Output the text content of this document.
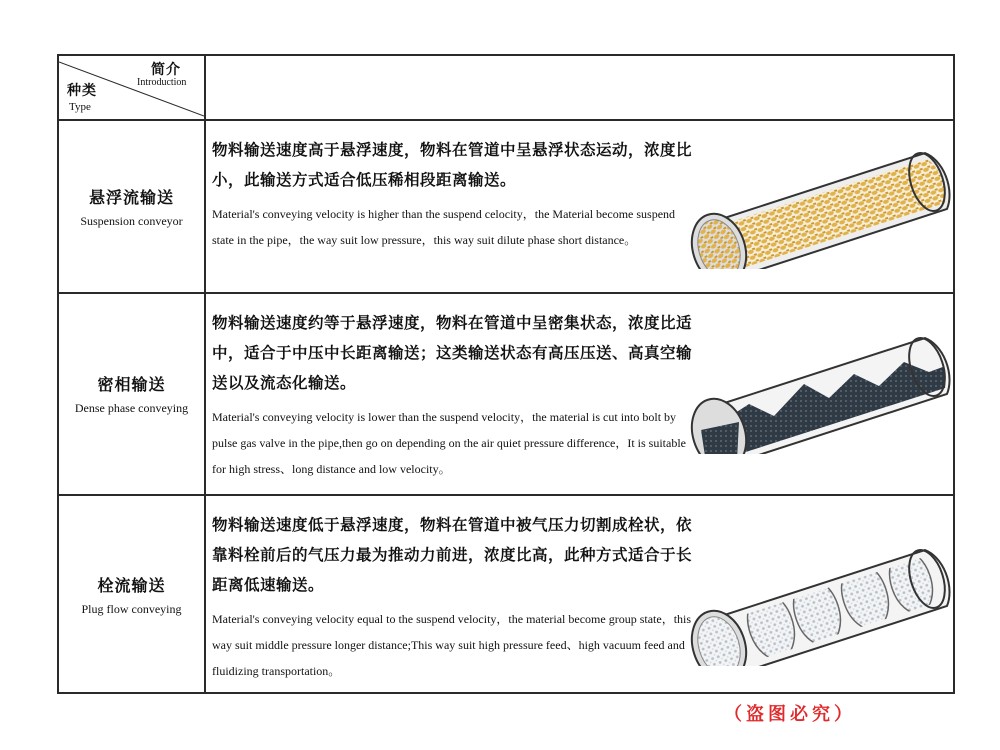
简介
Introduction
种类
Type
悬浮流输送
Suspension conveyor

物料输送速度高于悬浮速度，物料在管道中呈悬浮状态运动，浓度比小，此输送方式适合低压稀相段距离输送。

Material's conveying velocity is higher than the suspend celocity，the Material become suspend state in the pipe，the way suit low pressure，this way suit dilute phase short distance。

密相输送
Dense phase conveying

物料输送速度约等于悬浮速度，物料在管道中呈密集状态，浓度比适中，适合于中压中长距离输送；这类输送状态有高压压送、高真空输送以及流态化输送。

Material's conveying velocity is lower than the suspend velocity，the material is cut into bolt by pulse gas valve in the pipe,then go on depending on the air quiet pressure difference，It is suitable for high stress、long distance and low velocity。

栓流输送
Plug flow conveying

物料输送速度低于悬浮速度，物料在管道中被气压力切割成栓状，依靠料栓前后的气压力最为推动力前进，浓度比高，此种方式适合于长距离低速输送。

Material's conveying velocity equal to the suspend velocity，the material become group state，this way suit middle pressure longer distance;This way suit high pressure feed、high vacuum feed and fluidizing transportation。

（盗图必究）
